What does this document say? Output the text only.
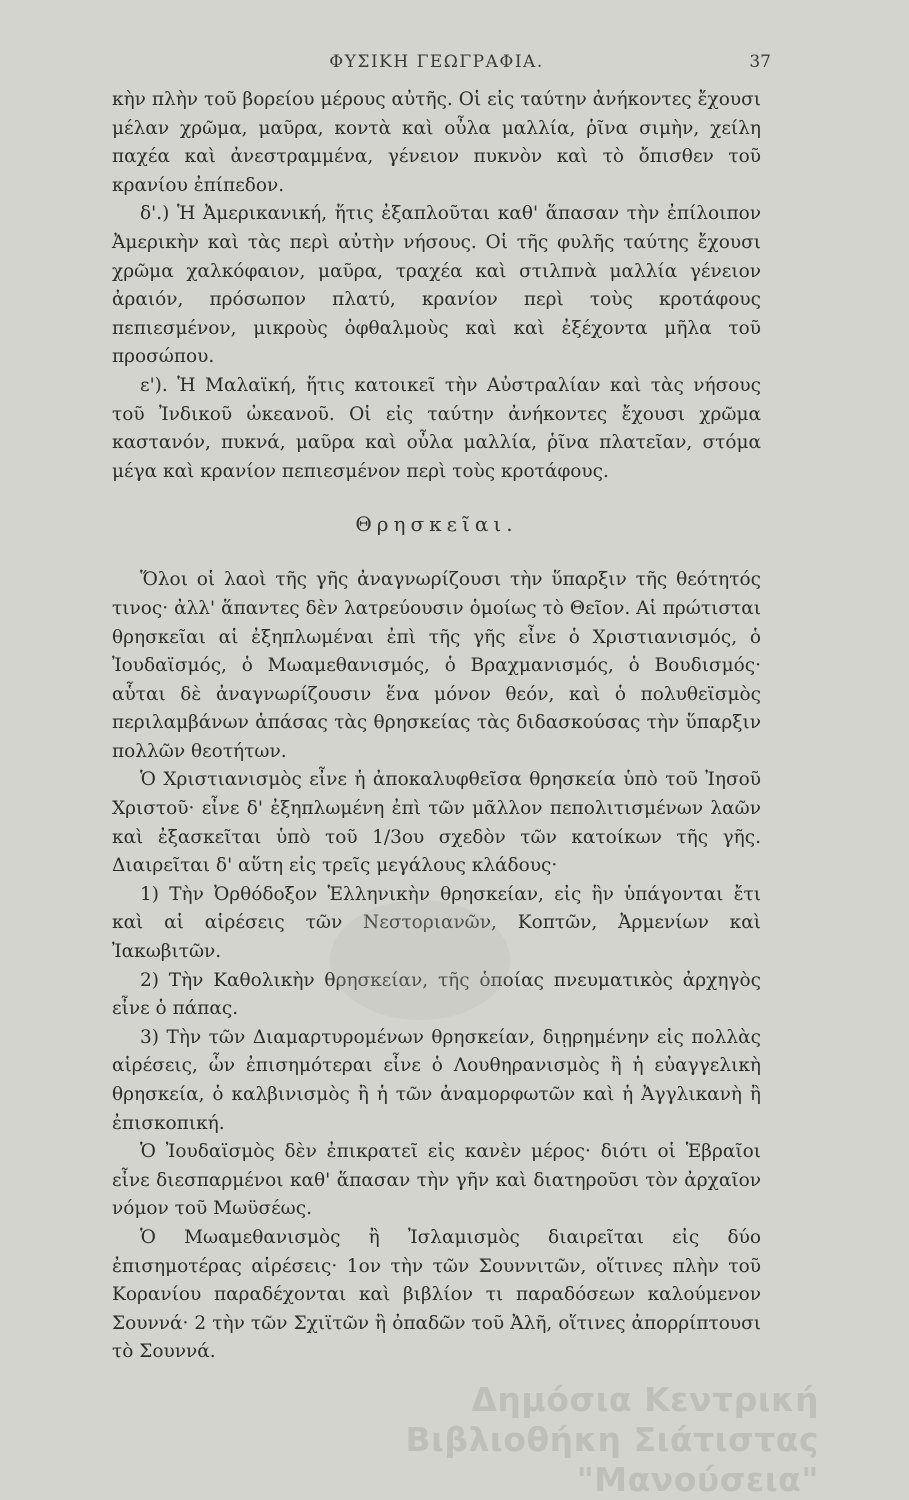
ΦΥΣΙΚΗ ΓΕΩΓΡΑΦΙΑ.	37

κὴν πλὴν τοῦ βορείου μέρους αὐτῆς. Οἱ εἰς ταύτην ἀνήκοντες ἔχουσι μέλαν χρῶμα, μαῦρα, κοντὰ καὶ οὖλα μαλλία, ῥῖνα σιμὴν, χείλη παχέα καὶ ἀνεστραμμένα, γένειον πυκνὸν καὶ τὸ ὄπισθεν τοῦ κρανίου ἐπίπεδον.

δ'.) Ἡ Ἀμερικανική, ἥτις ἐξαπλοῦται καθ' ἅπασαν τὴν ἐπίλοιπον Ἀμερικὴν καὶ τὰς περὶ αὐτὴν νήσους. Οἱ τῆς φυλῆς ταύτης ἔχουσι χρῶμα χαλκόφαιον, μαῦρα, τραχέα καὶ στιλπνὰ μαλλία γένειον ἀραιόν, πρόσωπον πλατύ, κρανίον περὶ τοὺς κροτάφους πεπιεσμένον, μικροὺς ὀφθαλμοὺς καὶ καὶ ἐξέχοντα μῆλα τοῦ προσώπου.

ε'). Ἡ Μαλαϊκή, ἥτις κατοικεῖ τὴν Αὐστραλίαν καὶ τὰς νήσους τοῦ Ἰνδικοῦ ὠκεανοῦ. Οἱ εἰς ταύτην ἀνήκοντες ἔχουσι χρῶμα καστανόν, πυκνά, μαῦρα καὶ οὖλα μαλλία, ῥῖνα πλατεῖαν, στόμα μέγα καὶ κρανίον πεπιεσμένον περὶ τοὺς κροτάφους.

Θρησκεῖαι.

Ὅλοι οἱ λαοὶ τῆς γῆς ἀναγνωρίζουσι τὴν ὕπαρξιν τῆς θεότητός τινος· ἀλλ' ἅπαντες δὲν λατρεύουσιν ὁμοίως τὸ Θεῖον. Αἱ πρώτισται θρησκεῖαι αἱ ἐξηπλωμέναι ἐπὶ τῆς γῆς εἶνε ὁ Χριστιανισμός, ὁ Ἰουδαϊσμός, ὁ Μωαμεθανισμός, ὁ Βραχμανισμός, ὁ Βουδισμός· αὗται δὲ ἀναγνωρίζουσιν ἕνα μόνον θεόν, καὶ ὁ πολυθεϊσμὸς περιλαμβάνων ἁπάσας τὰς θρησκείας τὰς διδασκούσας τὴν ὕπαρξιν πολλῶν θεοτήτων.

Ὁ Χριστιανισμὸς εἶνε ἡ ἀποκαλυφθεῖσα θρησκεία ὑπὸ τοῦ Ἰησοῦ Χριστοῦ· εἶνε δ' ἐξηπλωμένη ἐπὶ τῶν μᾶλλον πεπολιτισμένων λαῶν καὶ ἐξασκεῖται ὑπὸ τοῦ 1/3ου σχεδὸν τῶν κατοίκων τῆς γῆς. Διαιρεῖται δ' αὕτη εἰς τρεῖς μεγάλους κλάδους·

1) Τὴν Ὀρθόδοξον Ἑλληνικὴν θρησκείαν, εἰς ἣν ὑπάγονται ἔτι καὶ αἱ αἱρέσεις τῶν Νεστοριανῶν, Κοπτῶν, Ἀρμενίων καὶ Ἰακωβιτῶν.

2) Τὴν Καθολικὴν θρησκείαν, τῆς ὁποίας πνευματικὸς ἀρχηγὸς εἶνε ὁ πάπας.

3) Τὴν τῶν Διαμαρτυρομένων θρησκείαν, διῃρημένην εἰς πολλὰς αἱρέσεις, ὧν ἐπισημότεραι εἶνε ὁ Λουθηρανισμὸς ἢ ἡ εὐαγγελικὴ θρησκεία, ὁ καλβινισμὸς ἢ ἡ τῶν ἀναμορφωτῶν καὶ ἡ Ἀγγλικανὴ ἢ ἐπισκοπική.

Ὁ Ἰουδαϊσμὸς δὲν ἐπικρατεῖ εἰς κανὲν μέρος· διότι οἱ Ἑβραῖοι εἶνε διεσπαρμένοι καθ' ἅπασαν τὴν γῆν καὶ διατηροῦσι τὸν ἀρχαῖον νόμον τοῦ Μωϋσέως.

Ὁ Μωαμεθανισμὸς ἢ Ἰσλαμισμὸς διαιρεῖται εἰς δύο ἐπισημοτέρας αἱρέσεις· 1ον τὴν τῶν Σουννιτῶν, οἵτινες πλὴν τοῦ Κορανίου παραδέχονται καὶ βιβλίον τι παραδόσεων καλούμενον Σουννά· 2 τὴν τῶν Σχιϊτῶν ἢ ὀπαδῶν τοῦ Ἀλῆ, οἵτινες ἀπορρίπτουσι τὸ Σουννά.

Δημόσια Κεντρική
Βιβλιοθήκη Σιάτιστας "Μανούσεια"
